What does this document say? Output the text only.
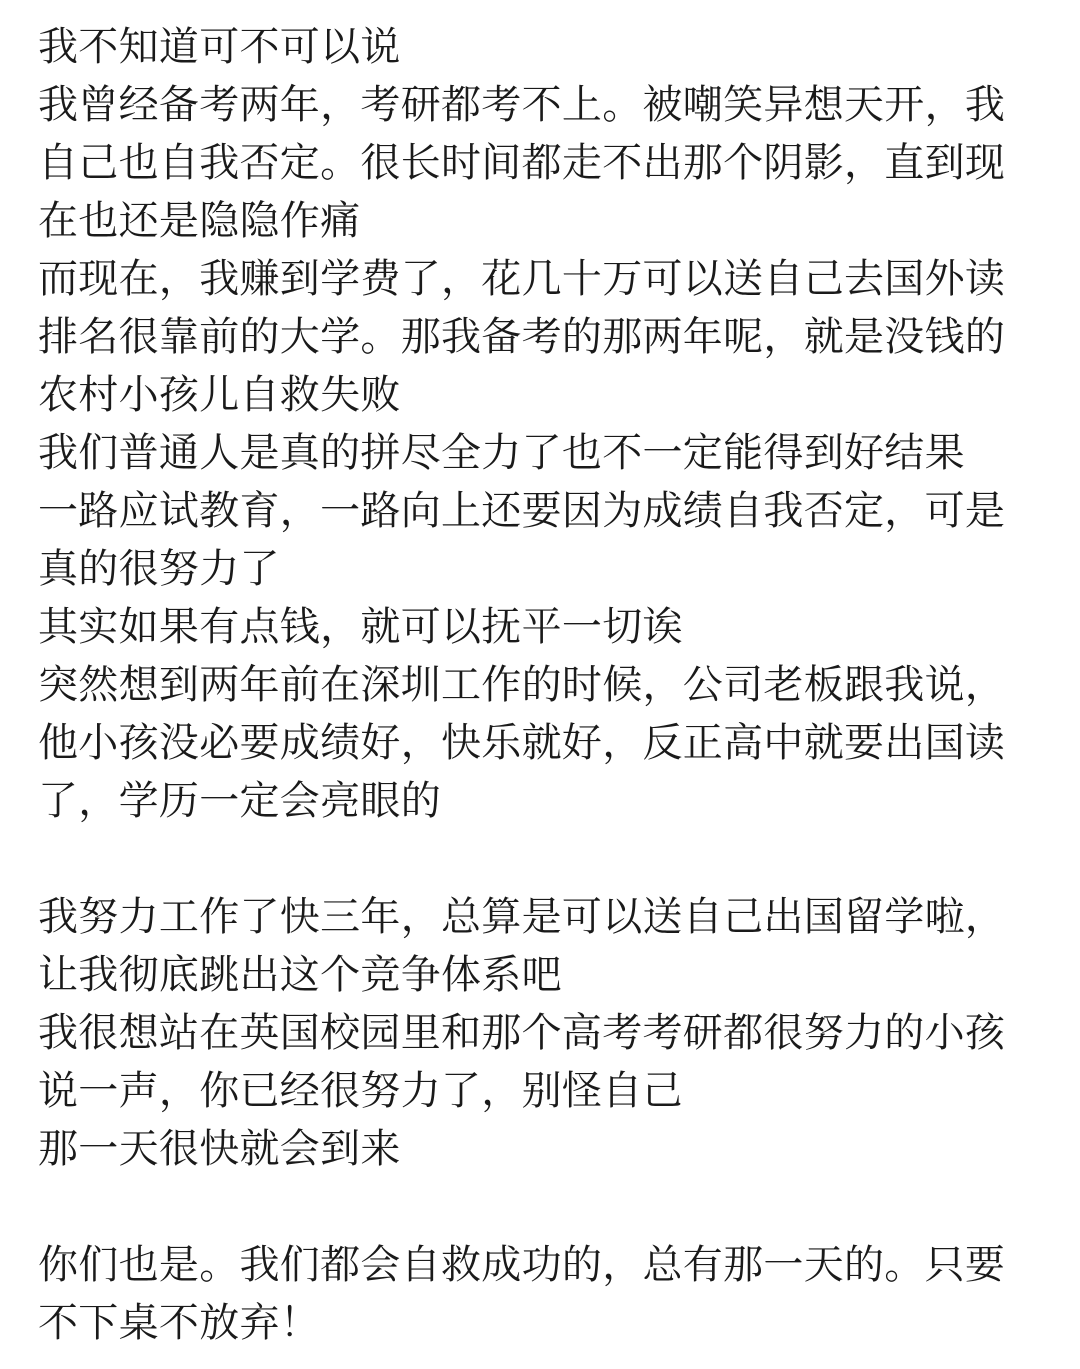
我不知道可不可以说

我曾经备考两年，考研都考不上。被嘲笑异想天开，我自己也自我否定。很长时间都走不出那个阴影，直到现在也还是隐隐作痛

而现在，我赚到学费了，花几十万可以送自己去国外读排名很靠前的大学。那我备考的那两年呢，就是没钱的农村小孩儿自救失败

我们普通人是真的拼尽全力了也不一定能得到好结果

一路应试教育，一路向上还要因为成绩自我否定，可是真的很努力了

其实如果有点钱，就可以抚平一切诶

突然想到两年前在深圳工作的时候，公司老板跟我说，他小孩没必要成绩好，快乐就好，反正高中就要出国读了，学历一定会亮眼的

我努力工作了快三年，总算是可以送自己出国留学啦，让我彻底跳出这个竞争体系吧

我很想站在英国校园里和那个高考考研都很努力的小孩说一声，你已经很努力了，别怪自己

那一天很快就会到来

你们也是。我们都会自救成功的，总有那一天的。只要不下桌不放弃！
